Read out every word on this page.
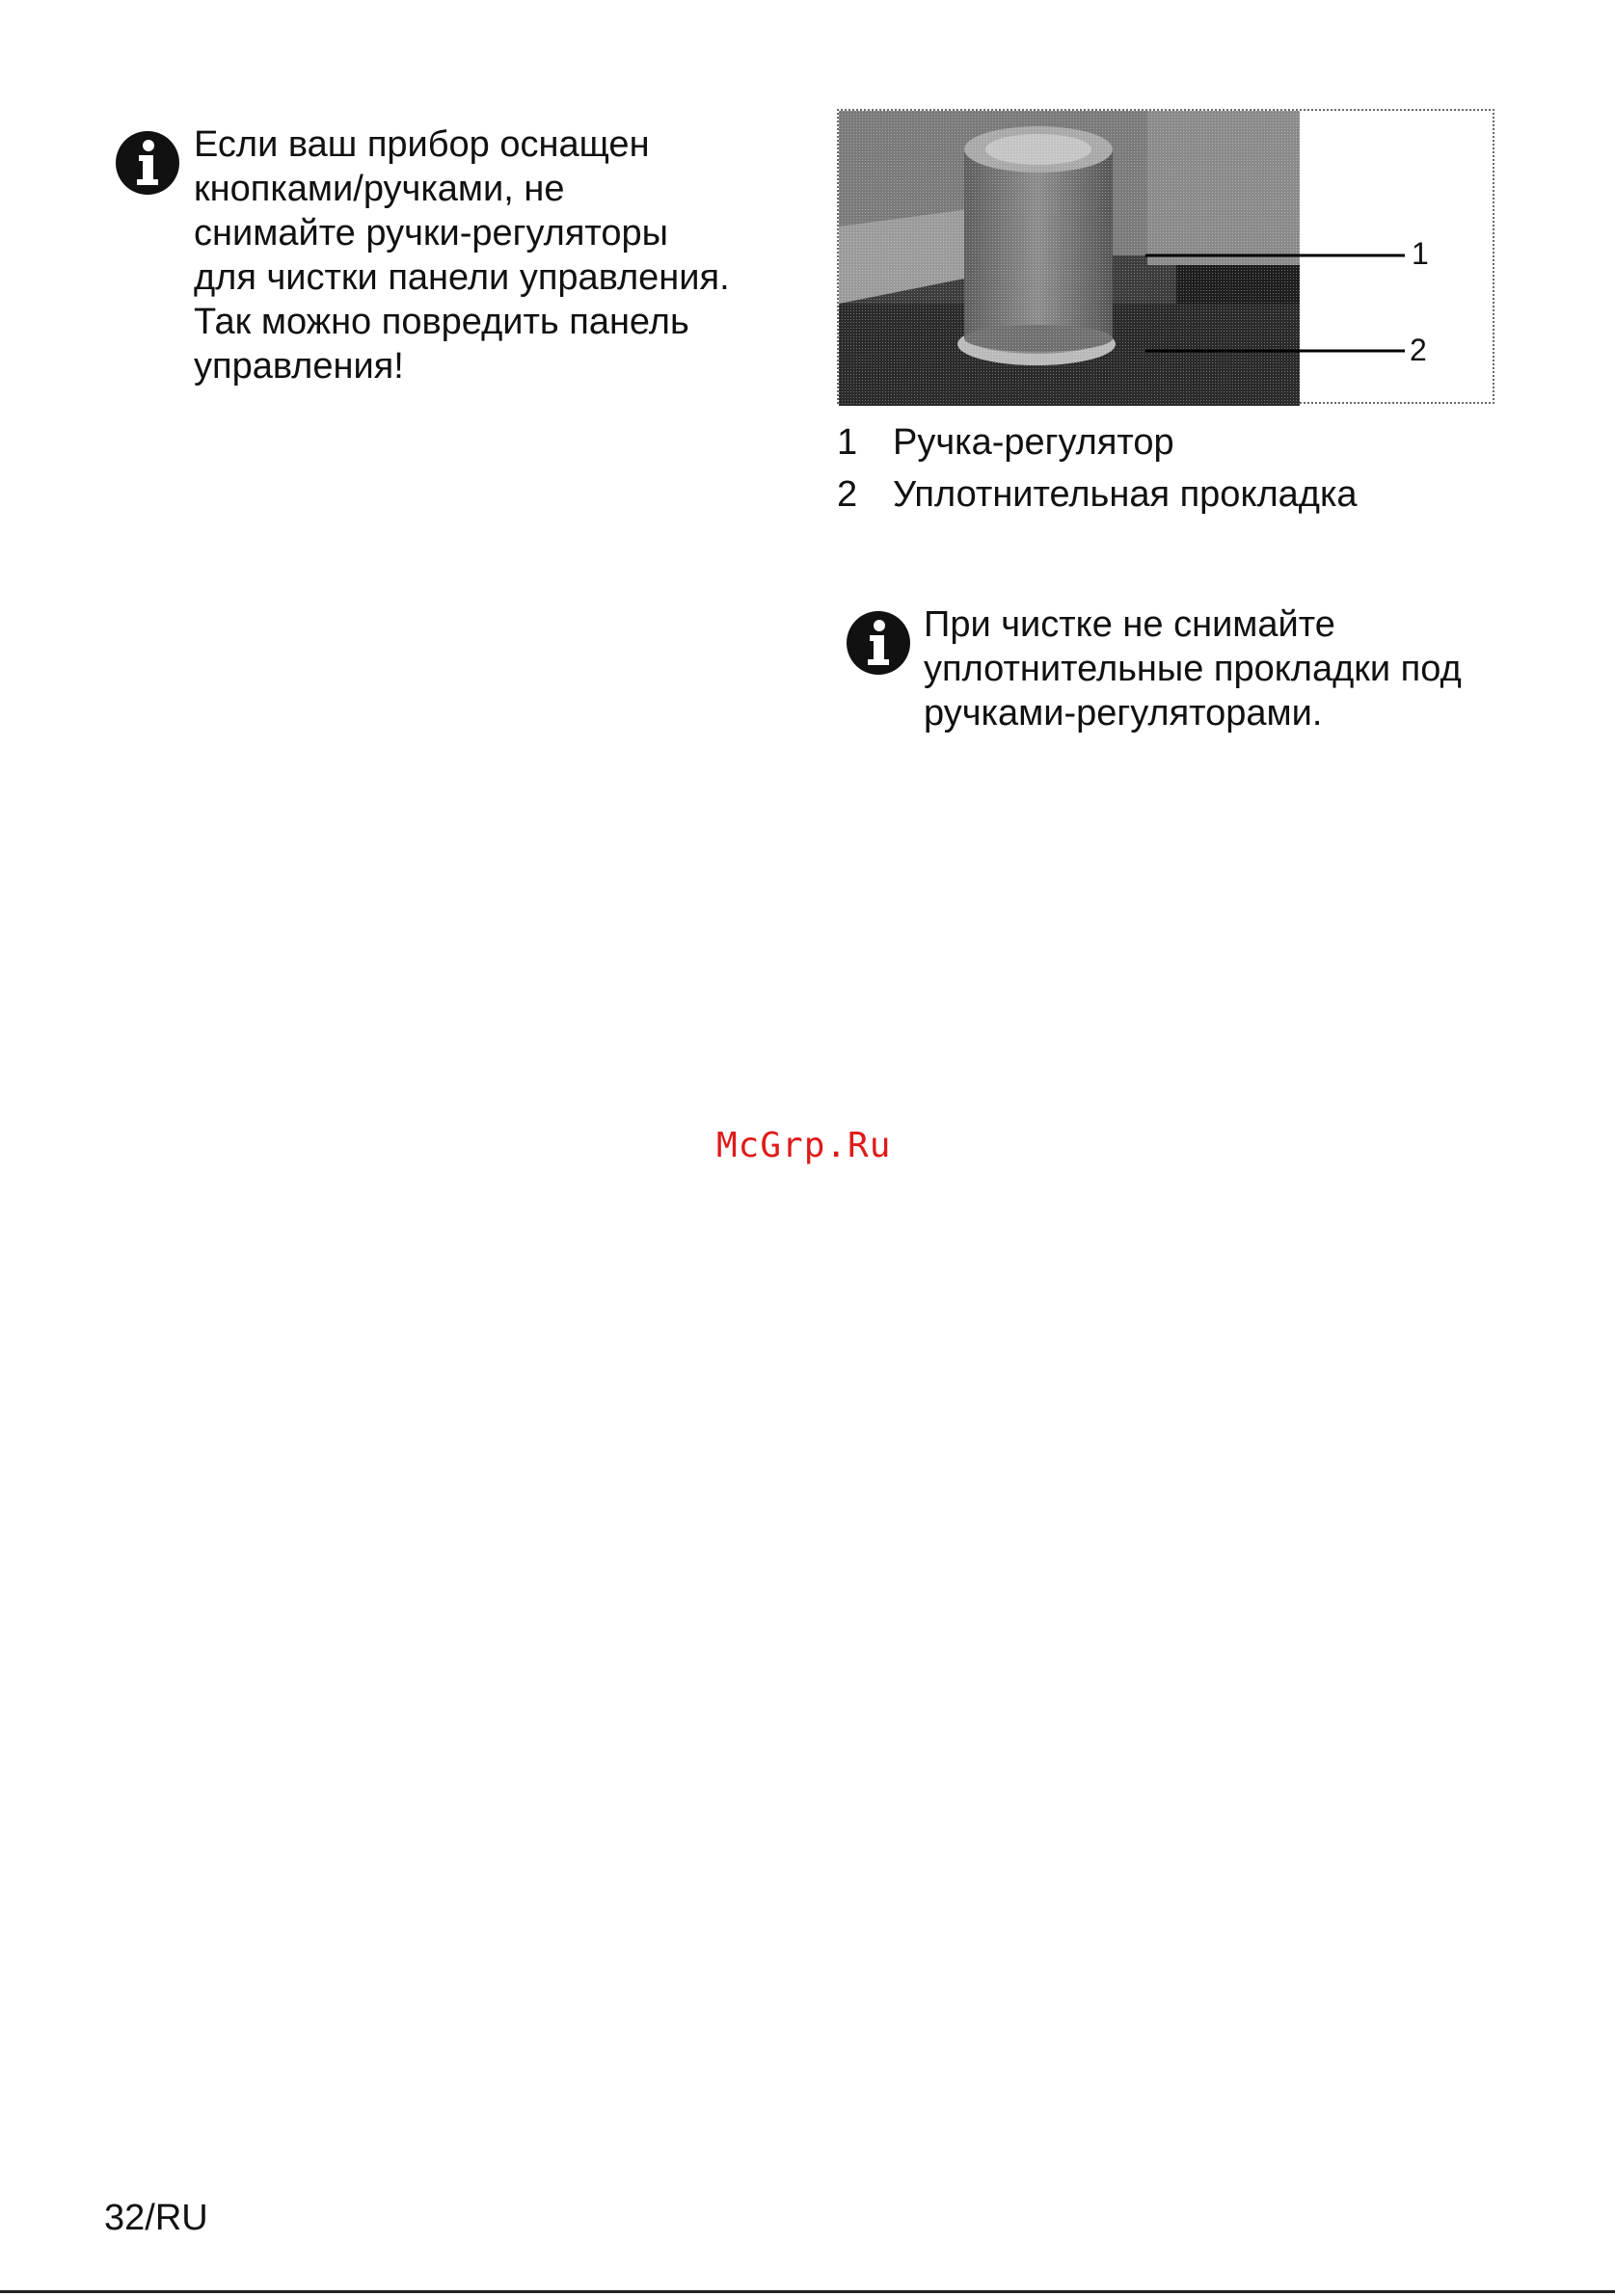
Если ваш прибор оснащен
кнопками/ручками, не
снимайте ручки-регуляторы
для чистки панели управления.
Так можно повредить панель
управления!

1
2
1 Ручка-регулятор
2 Уплотнительная прокладка

При чистке не снимайте
уплотнительные прокладки под
ручками-регуляторами.

McGrp.Ru
32/RU
